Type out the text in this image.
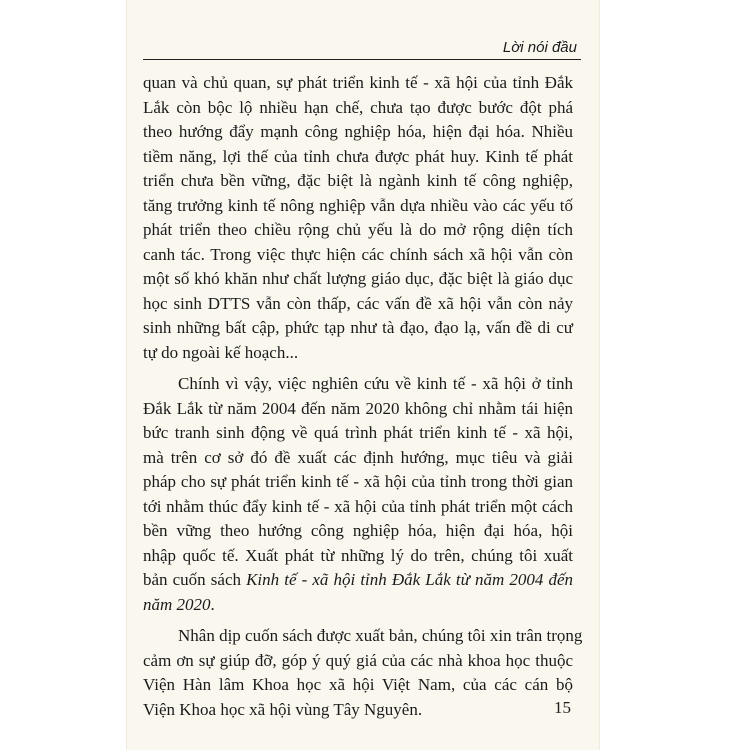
Lời nói đầu
quan và chủ quan, sự phát triển kinh tế - xã hội của tỉnh Đắk
Lắk còn bộc lộ nhiều hạn chế, chưa tạo được bước đột phá
theo hướng đẩy mạnh công nghiệp hóa, hiện đại hóa. Nhiều
tiềm năng, lợi thế của tỉnh chưa được phát huy. Kinh tế phát
triển chưa bền vững, đặc biệt là ngành kinh tế công nghiệp,
tăng trưởng kinh tế nông nghiệp vẫn dựa nhiều vào các yếu tố
phát triển theo chiều rộng chủ yếu là do mở rộng diện tích
canh tác. Trong việc thực hiện các chính sách xã hội vẫn còn
một số khó khăn như chất lượng giáo dục, đặc biệt là giáo dục
học sinh DTTS vẫn còn thấp, các vấn đề xã hội vẫn còn nảy
sinh những bất cập, phức tạp như tà đạo, đạo lạ, vấn đề di cư
tự do ngoài kế hoạch...
Chính vì vậy, việc nghiên cứu về kinh tế - xã hội ở tỉnh
Đắk Lắk từ năm 2004 đến năm 2020 không chỉ nhằm tái hiện
bức tranh sinh động về quá trình phát triển kinh tế - xã hội,
mà trên cơ sở đó đề xuất các định hướng, mục tiêu và giải
pháp cho sự phát triển kinh tế - xã hội của tỉnh trong thời gian
tới nhằm thúc đẩy kinh tế - xã hội của tỉnh phát triển một cách
bền vững theo hướng công nghiệp hóa, hiện đại hóa, hội
nhập quốc tế. Xuất phát từ những lý do trên, chúng tôi xuất
bản cuốn sách Kinh tế - xã hội tỉnh Đắk Lắk từ năm 2004 đến
năm 2020.
Nhân dịp cuốn sách được xuất bản, chúng tôi xin trân trọng
cảm ơn sự giúp đỡ, góp ý quý giá của các nhà khoa học thuộc
Viện Hàn lâm Khoa học xã hội Việt Nam, của các cán bộ
Viện Khoa học xã hội vùng Tây Nguyên.	15
